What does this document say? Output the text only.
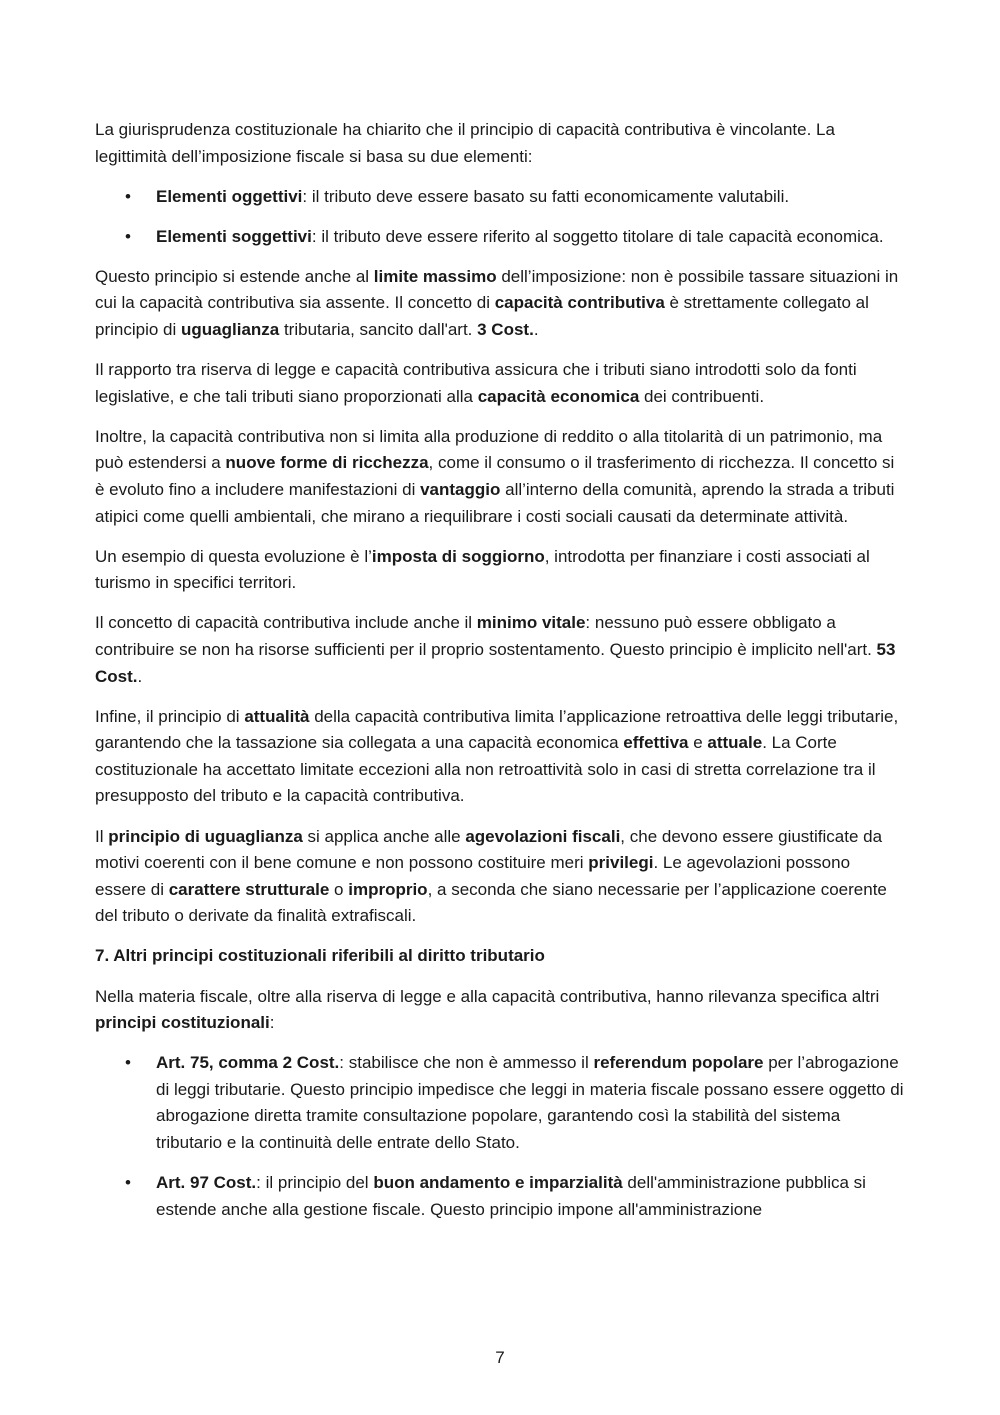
La giurisprudenza costituzionale ha chiarito che il principio di capacità contributiva è vincolante. La legittimità dell’imposizione fiscale si basa su due elementi:

• Elementi oggettivi: il tributo deve essere basato su fatti economicamente valutabili.
• Elementi soggettivi: il tributo deve essere riferito al soggetto titolare di tale capacità economica.

Questo principio si estende anche al limite massimo dell’imposizione: non è possibile tassare situazioni in cui la capacità contributiva sia assente. Il concetto di capacità contributiva è strettamente collegato al principio di uguaglianza tributaria, sancito dall'art. 3 Cost..

Il rapporto tra riserva di legge e capacità contributiva assicura che i tributi siano introdotti solo da fonti legislative, e che tali tributi siano proporzionati alla capacità economica dei contribuenti.

Inoltre, la capacità contributiva non si limita alla produzione di reddito o alla titolarità di un patrimonio, ma può estendersi a nuove forme di ricchezza, come il consumo o il trasferimento di ricchezza. Il concetto si è evoluto fino a includere manifestazioni di vantaggio all’interno della comunità, aprendo la strada a tributi atipici come quelli ambientali, che mirano a riequilibrare i costi sociali causati da determinate attività.

Un esempio di questa evoluzione è l’imposta di soggiorno, introdotta per finanziare i costi associati al turismo in specifici territori.

Il concetto di capacità contributiva include anche il minimo vitale: nessuno può essere obbligato a contribuire se non ha risorse sufficienti per il proprio sostentamento. Questo principio è implicito nell'art. 53 Cost..

Infine, il principio di attualità della capacità contributiva limita l’applicazione retroattiva delle leggi tributarie, garantendo che la tassazione sia collegata a una capacità economica effettiva e attuale. La Corte costituzionale ha accettato limitate eccezioni alla non retroattività solo in casi di stretta correlazione tra il presupposto del tributo e la capacità contributiva.

Il principio di uguaglianza si applica anche alle agevolazioni fiscali, che devono essere giustificate da motivi coerenti con il bene comune e non possono costituire meri privilegi. Le agevolazioni possono essere di carattere strutturale o improprio, a seconda che siano necessarie per l’applicazione coerente del tributo o derivate da finalità extrafiscali.

7. Altri principi costituzionali riferibili al diritto tributario

Nella materia fiscale, oltre alla riserva di legge e alla capacità contributiva, hanno rilevanza specifica altri principi costituzionali:

• Art. 75, comma 2 Cost.: stabilisce che non è ammesso il referendum popolare per l’abrogazione di leggi tributarie. Questo principio impedisce che leggi in materia fiscale possano essere oggetto di abrogazione diretta tramite consultazione popolare, garantendo così la stabilità del sistema tributario e la continuità delle entrate dello Stato.
• Art. 97 Cost.: il principio del buon andamento e imparzialità dell'amministrazione pubblica si estende anche alla gestione fiscale. Questo principio impone all'amministrazione
7
